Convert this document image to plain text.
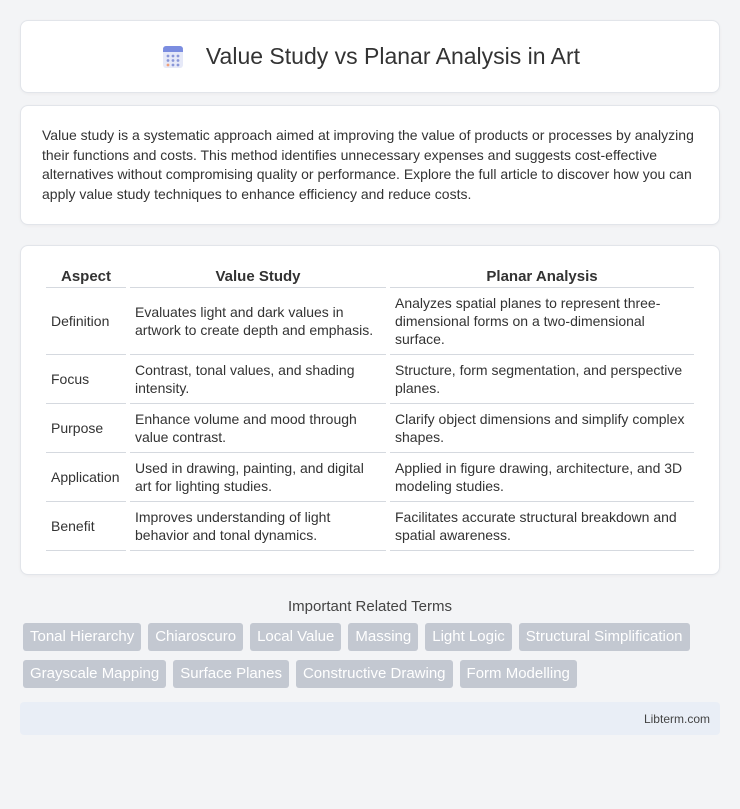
Value Study vs Planar Analysis in Art

Value study is a systematic approach aimed at improving the value of products or processes by analyzing their functions and costs. This method identifies unnecessary expenses and suggests cost-effective alternatives without compromising quality or performance. Explore the full article to discover how you can apply value study techniques to enhance efficiency and reduce costs.

Aspect	Value Study	Planar Analysis
Definition	Evaluates light and dark values in artwork to create depth and emphasis.	Analyzes spatial planes to represent three-dimensional forms on a two-dimensional surface.
Focus	Contrast, tonal values, and shading intensity.	Structure, form segmentation, and perspective planes.
Purpose	Enhance volume and mood through value contrast.	Clarify object dimensions and simplify complex shapes.
Application	Used in drawing, painting, and digital art for lighting studies.	Applied in figure drawing, architecture, and 3D modeling studies.
Benefit	Improves understanding of light behavior and tonal dynamics.	Facilitates accurate structural breakdown and spatial awareness.
Important Related Terms
Tonal Hierarchy	Chiaroscuro	Local Value	Massing	Light Logic	Structural Simplification
Grayscale Mapping	Surface Planes	Constructive Drawing	Form Modelling
Libterm.com
